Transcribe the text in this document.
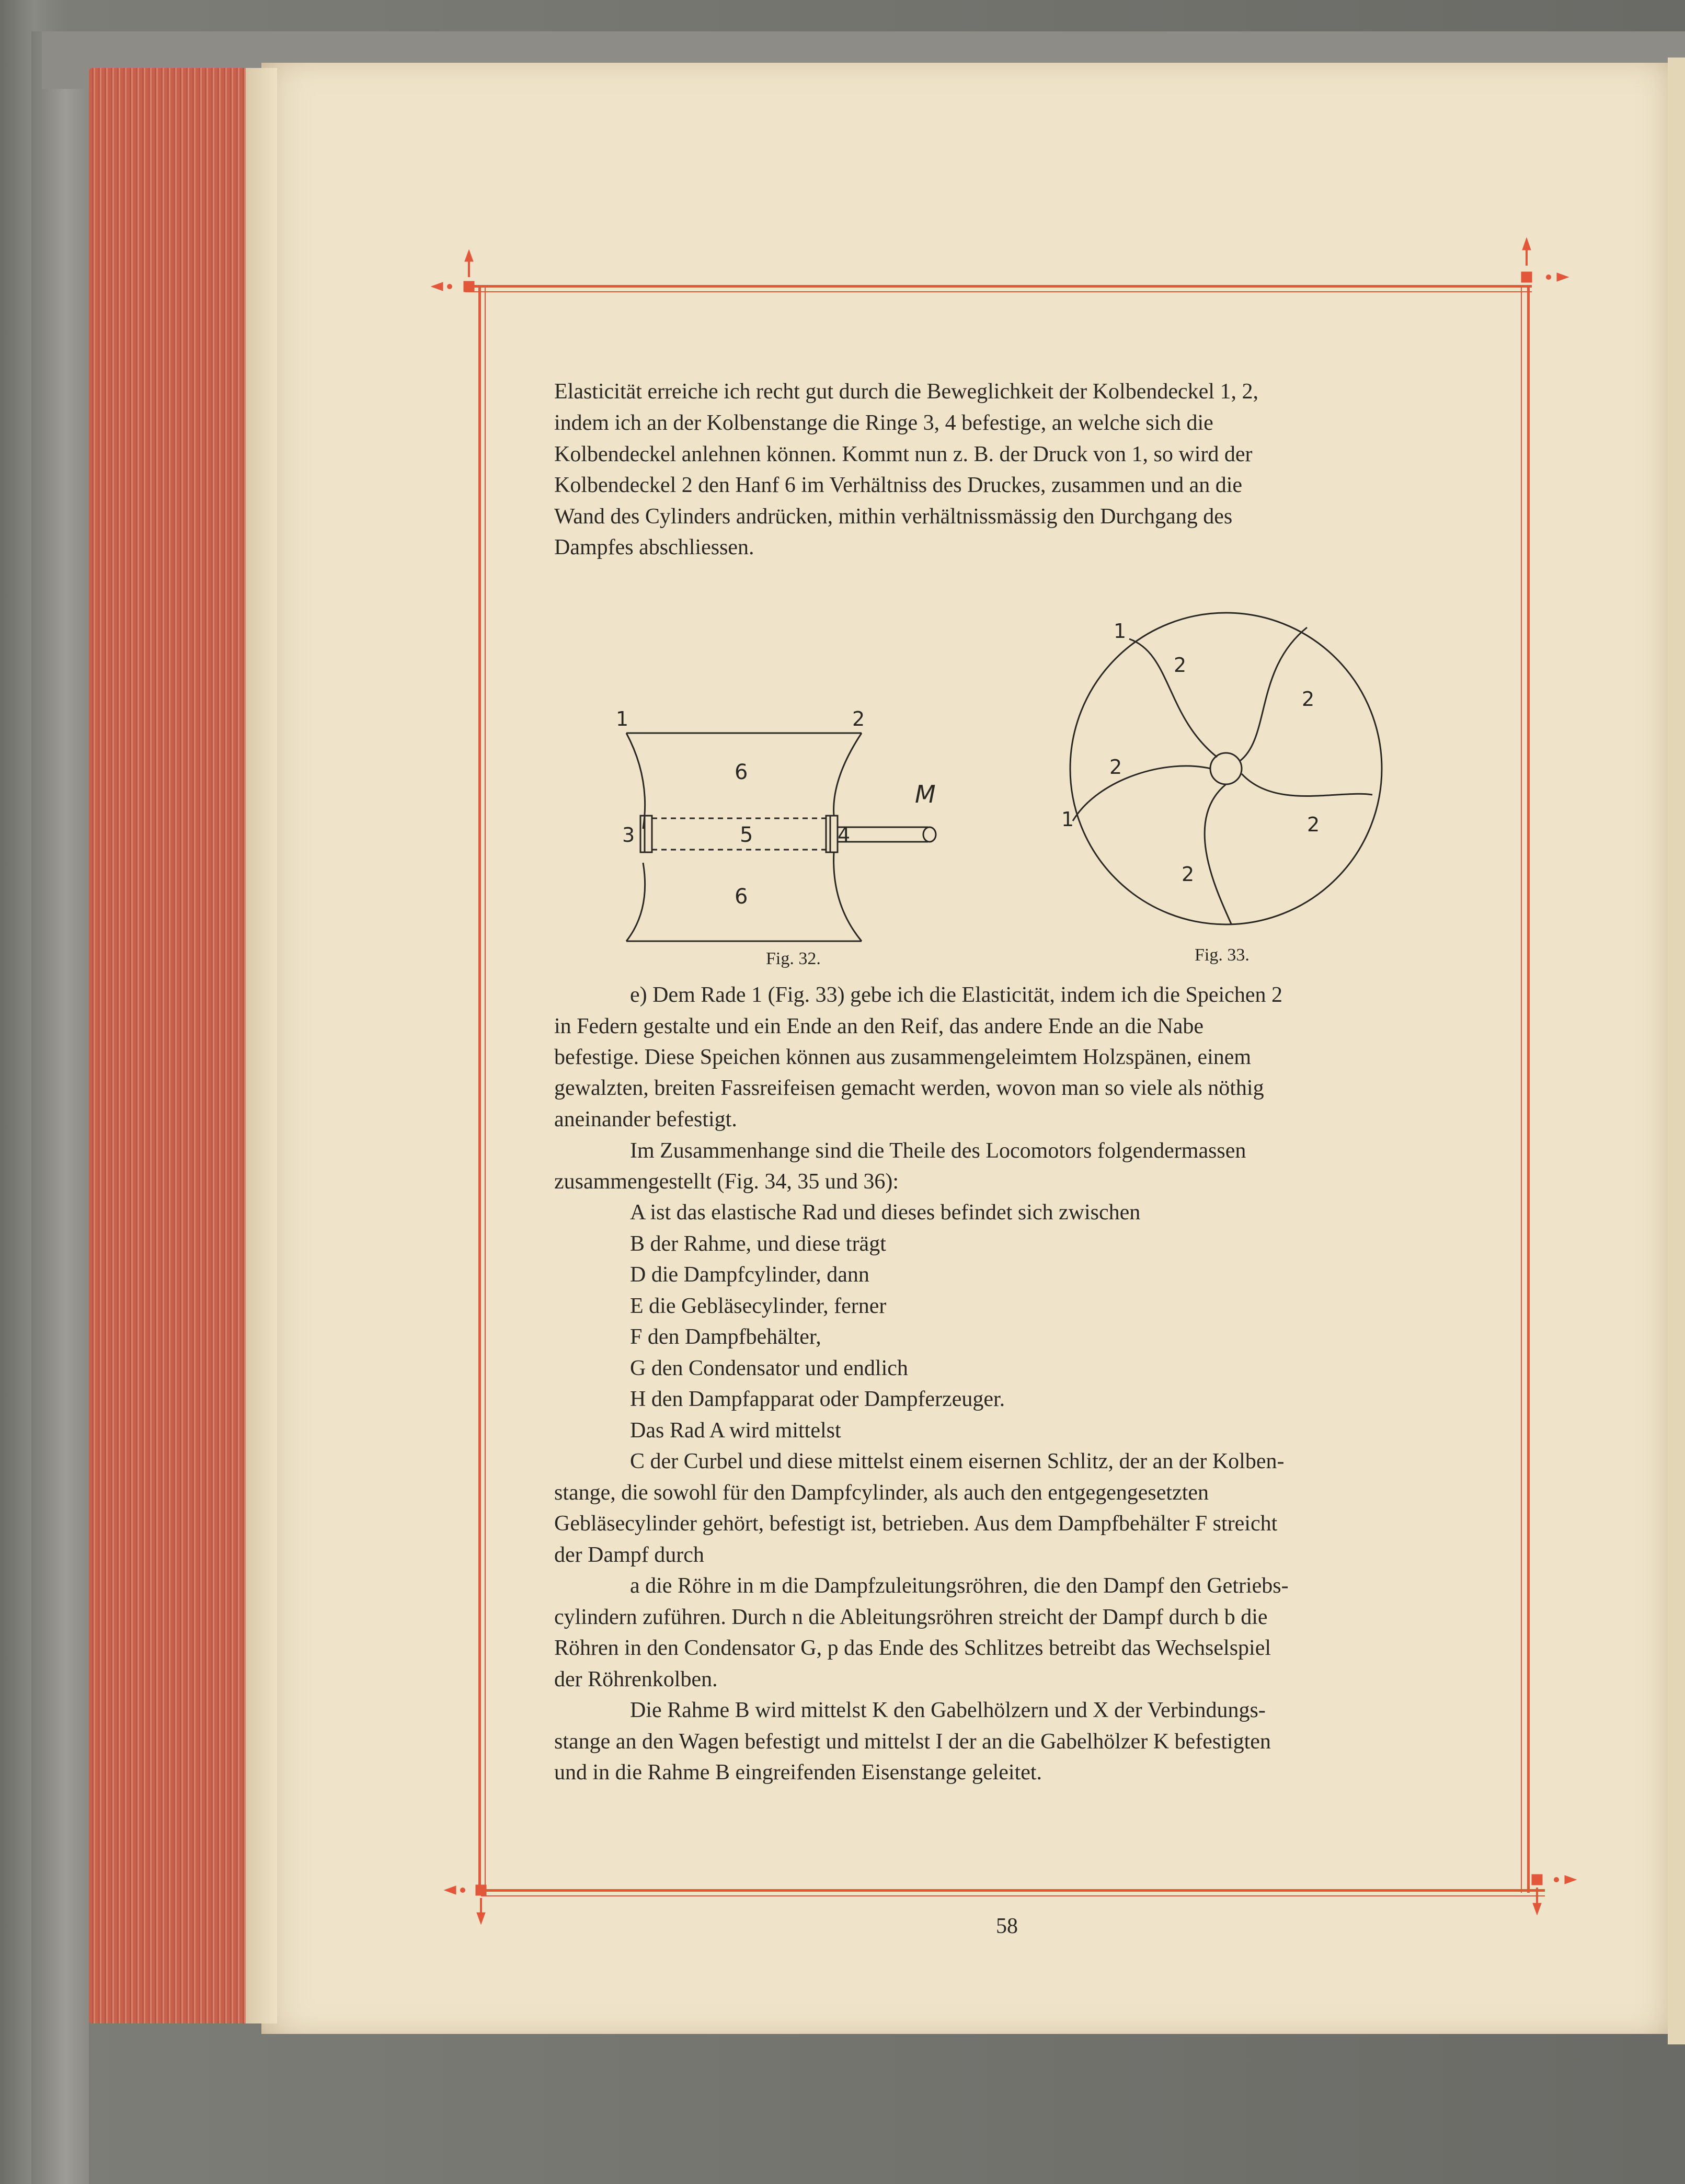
Elasticität erreiche ich recht gut durch die Beweglichkeit der Kolbendeckel 1, 2,
indem ich an der Kolbenstange die Ringe 3, 4 befestige, an welche sich die
Kolbendeckel anlehnen können. Kommt nun z. B. der Druck von 1, so wird der
Kolbendeckel 2 den Hanf 6 im Verhältniss des Druckes, zusammen und an die
Wand des Cylinders andrücken, mithin verhältnissmässig den Durchgang des
Dampfes abschliessen.
1	2
6
5
6
3	4
M
Fig. 32.
1
1
2
2
2
2
2
Fig. 33.
e) Dem Rade 1 (Fig. 33) gebe ich die Elasticität, indem ich die Speichen 2
in Federn gestalte und ein Ende an den Reif, das andere Ende an die Nabe
befestige. Diese Speichen können aus zusammengeleimtem Holzspänen, einem
gewalzten, breiten Fassreifeisen gemacht werden, wovon man so viele als nöthig
aneinander befestigt.
Im Zusammenhange sind die Theile des Locomotors folgendermassen
zusammengestellt (Fig. 34, 35 und 36):
A ist das elastische Rad und dieses befindet sich zwischen
B der Rahme, und diese trägt
D die Dampfcylinder, dann
E die Gebläsecylinder, ferner
F den Dampfbehälter,
G den Condensator und endlich
H den Dampfapparat oder Dampferzeuger.
Das Rad A wird mittelst
C der Curbel und diese mittelst einem eisernen Schlitz, der an der Kolben-
stange, die sowohl für den Dampfcylinder, als auch den entgegengesetzten
Gebläsecylinder gehört, befestigt ist, betrieben. Aus dem Dampfbehälter F streicht
der Dampf durch
a die Röhre in m die Dampfzuleitungsröhren, die den Dampf den Getriebs-
cylindern zuführen. Durch n die Ableitungsröhren streicht der Dampf durch b die
Röhren in den Condensator G, p das Ende des Schlitzes betreibt das Wechselspiel
der Röhrenkolben.
Die Rahme B wird mittelst K den Gabelhölzern und X der Verbindungs-
stange an den Wagen befestigt und mittelst I der an die Gabelhölzer K befestigten
und in die Rahme B eingreifenden Eisenstange geleitet.
58
